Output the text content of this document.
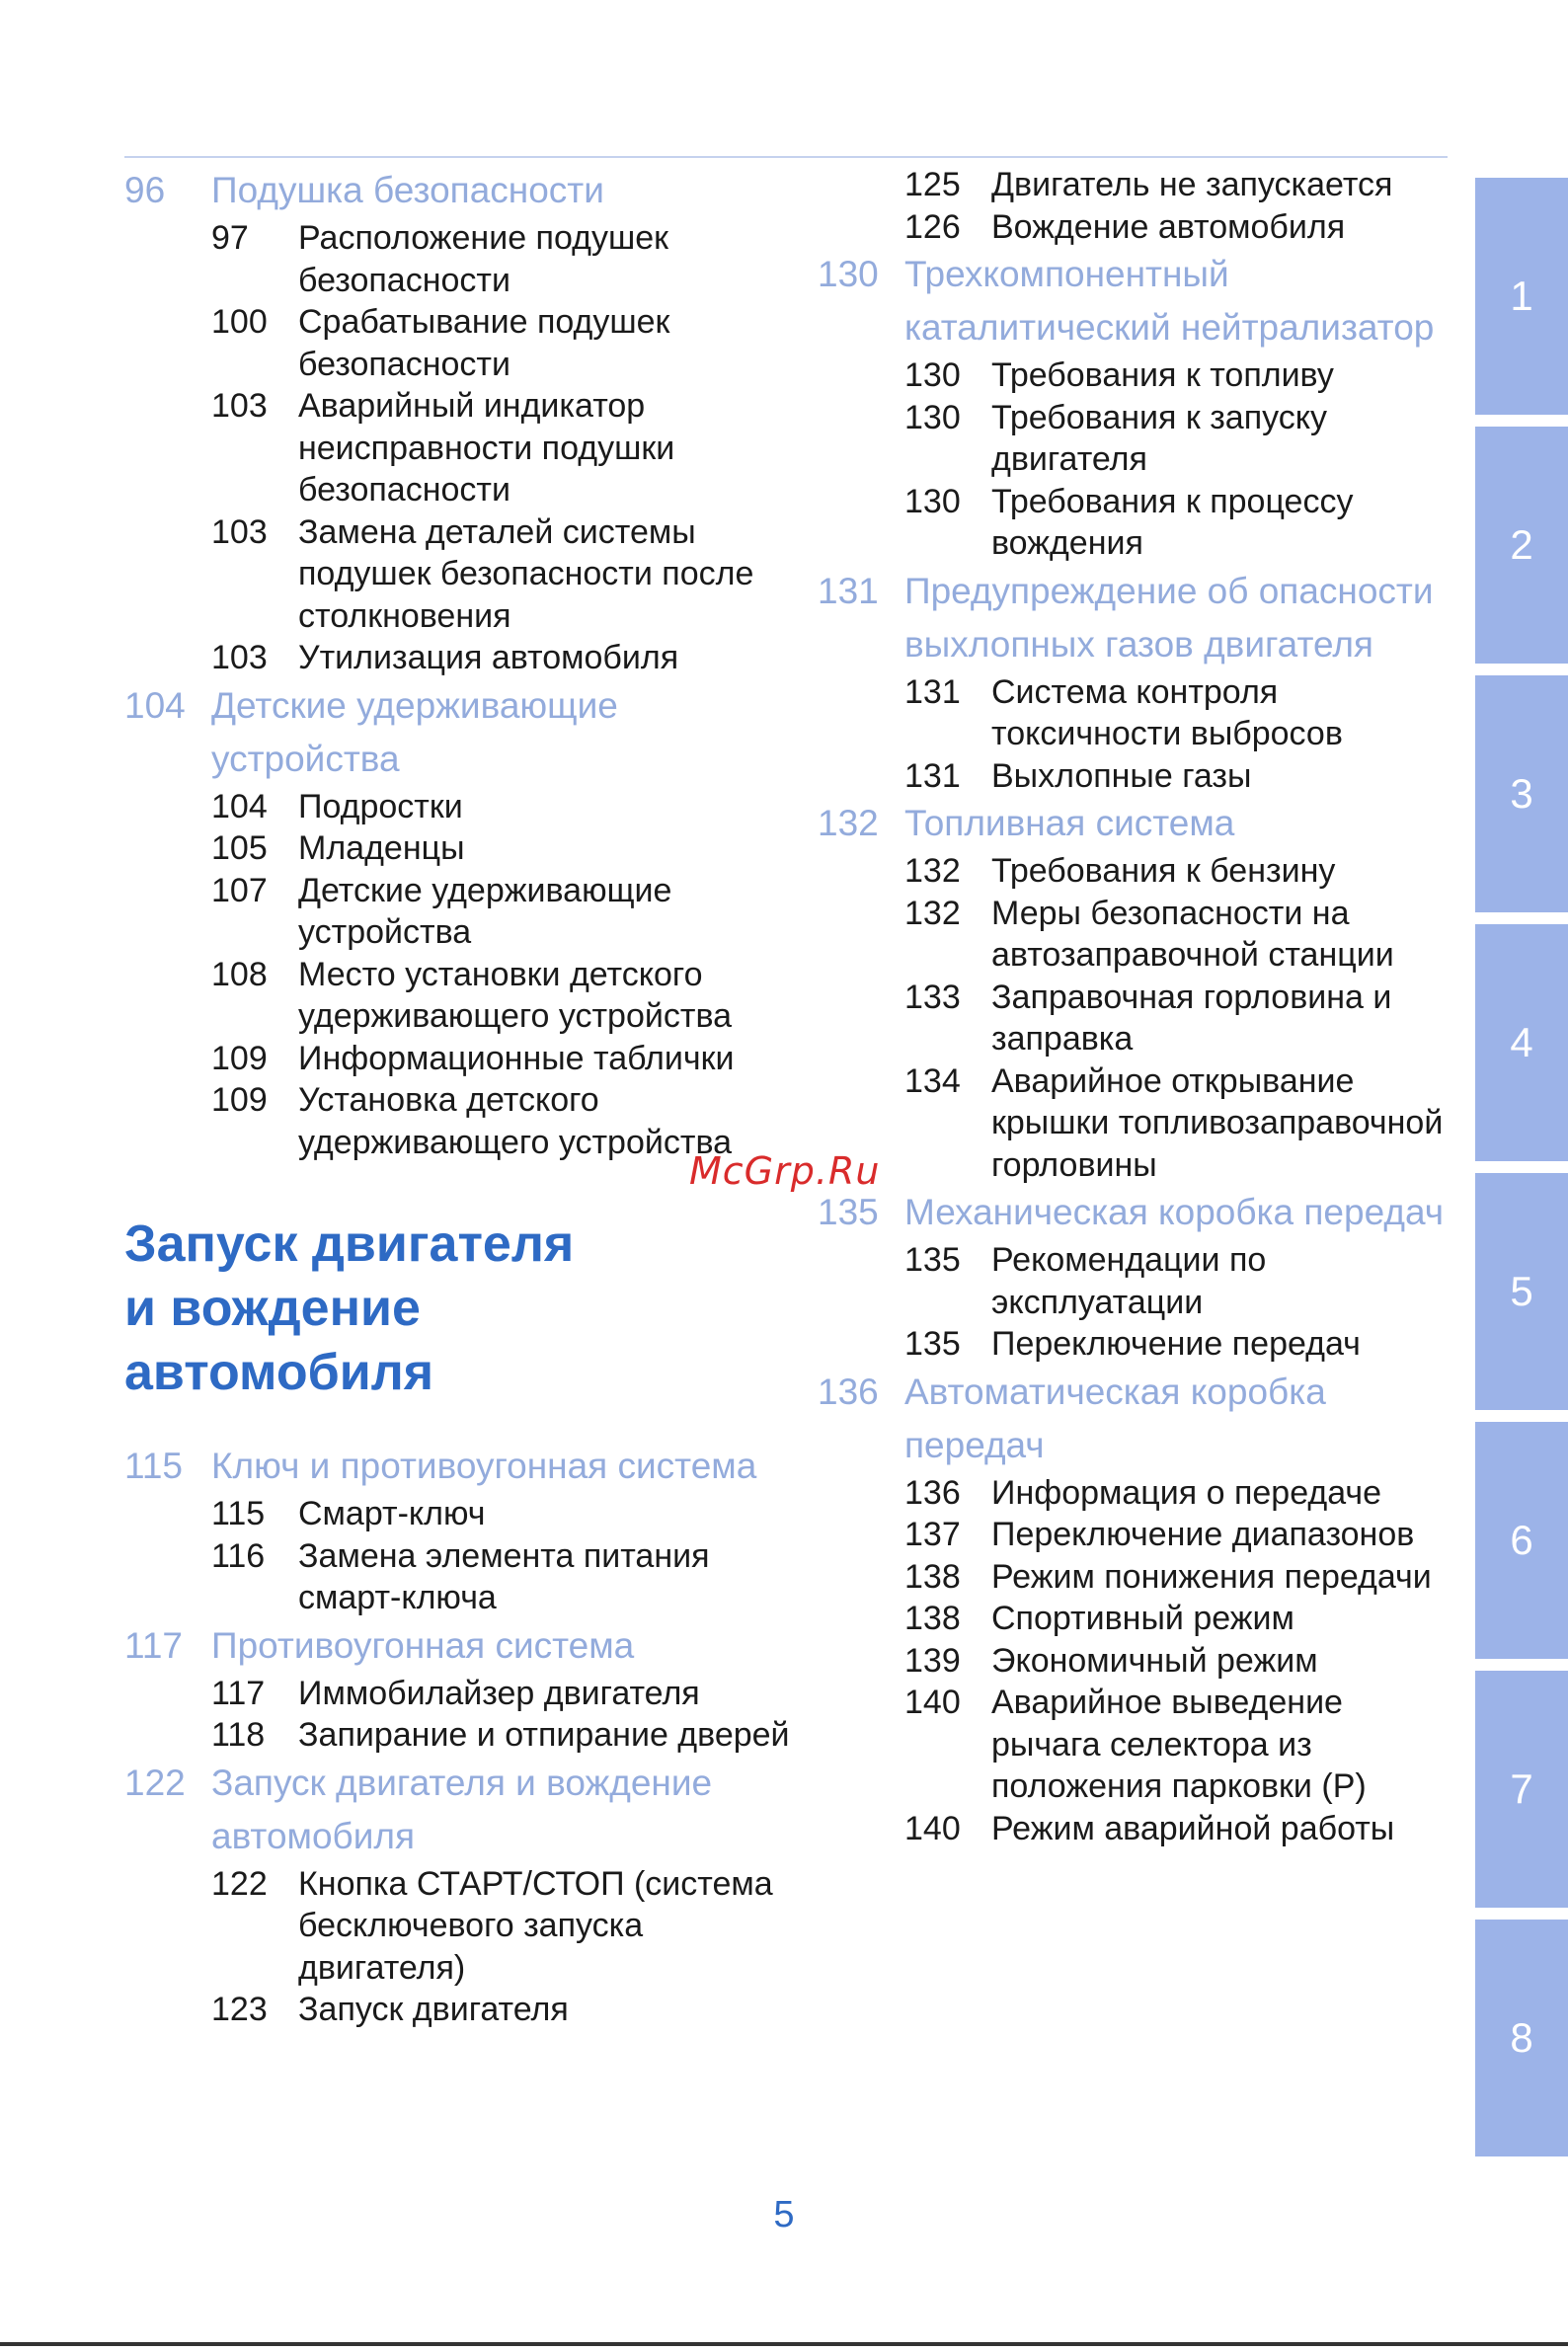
96	Подушка безопасности
97	Расположение подушек безопасности
100 Срабатывание подушек безопасности
103 Аварийный индикатор неисправности подушки безопасности
103 Замена деталей системы подушек безопасности после столкновения
103 Утилизация автомобиля
104 Детские удерживающие устройства
104 Подростки
105 Младенцы
107 Детские удерживающие устройства
108 Место установки детского удерживающего устройства
109 Информационные таблички
109 Установка детского удерживающего устройства
Запуск двигателя
и вождение
автомобиля
115 Ключ и противоугонная система
115 Смарт-ключ
116 Замена элемента питания смарт-ключа
117 Противоугонная система
117 Иммобилайзер двигателя
118 Запирание и отпирание дверей
122 Запуск двигателя и вождение автомобиля
122 Кнопка СТАРТ/СТОП (система бесключевого запуска двигателя)
123 Запуск двигателя
125 Двигатель не запускается
126 Вождение автомобиля
130 Трехкомпонентный каталитический нейтрализатор
130 Требования к топливу
130 Требования к запуску двигателя
130 Требования к процессу вождения
131 Предупреждение об опасности выхлопных газов двигателя
131 Система контроля токсичности выбросов
131 Выхлопные газы
132 Топливная система
132 Требования к бензину
132 Меры безопасности на автозаправочной станции
133 Заправочная горловина и заправка
134 Аварийное открывание крышки топливозаправочной горловины
135 Механическая коробка передач
135 Рекомендации по эксплуатации
135 Переключение передач
136 Автоматическая коробка передач
136 Информация о передаче
137 Переключение диапазонов
138 Режим понижения передачи
138 Спортивный режим
139 Экономичный режим
140 Аварийное выведение рычага селектора из положения парковки (P)
140 Режим аварийной работы
1
2
3
4
5
6
7
8
McGrp.Ru
5
